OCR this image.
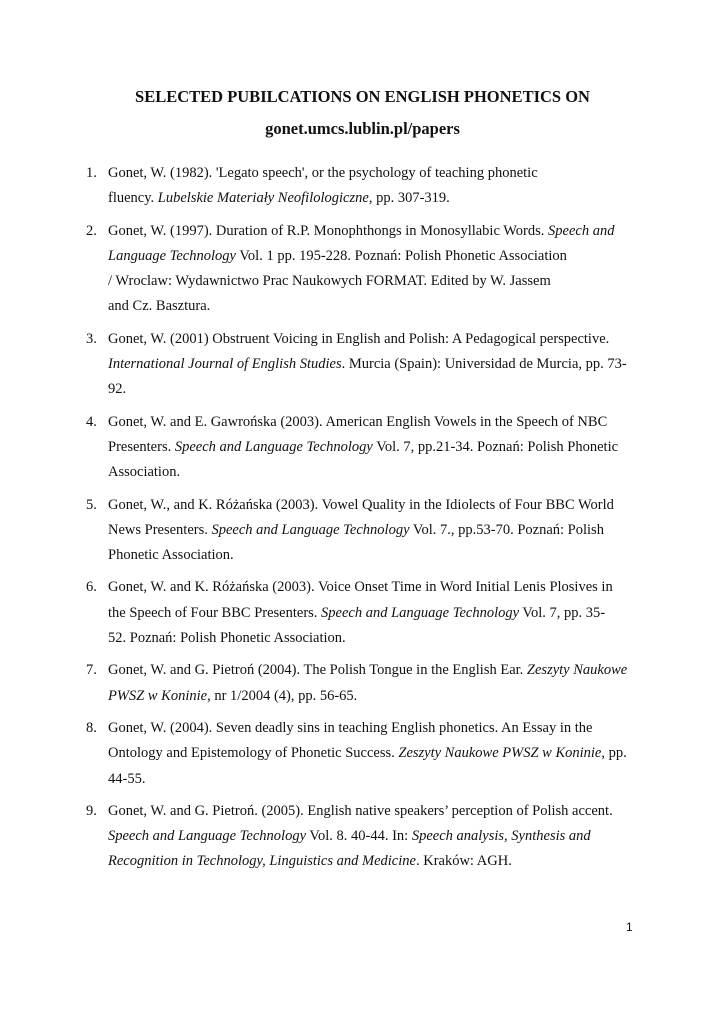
SELECTED PUBILCATIONS ON ENGLISH PHONETICS ON
gonet.umcs.lublin.pl/papers
1. Gonet, W. (1982). 'Legato speech', or the psychology of teaching phonetic
fluency. Lubelskie Materiały Neofilologiczne, pp. 307-319.
2. Gonet, W. (1997). Duration of R.P. Monophthongs in Monosyllabic Words. Speech and
Language Technology Vol. 1 pp. 195-228. Poznań: Polish Phonetic Association
/ Wroclaw: Wydawnictwo Prac Naukowych FORMAT. Edited by W. Jassem
and Cz. Basztura.
3. Gonet, W. (2001) Obstruent Voicing in English and Polish: A Pedagogical perspective.
International Journal of English Studies. Murcia (Spain): Universidad de Murcia, pp. 73-
92.
4. Gonet, W. and E. Gawrońska (2003). American English Vowels in the Speech of NBC
Presenters. Speech and Language Technology Vol. 7, pp.21-34. Poznań: Polish Phonetic
Association.
5. Gonet, W., and K. Różańska (2003). Vowel Quality in the Idiolects of Four BBC World
News Presenters. Speech and Language Technology Vol. 7., pp.53-70. Poznań: Polish
Phonetic Association.
6. Gonet, W. and K. Różańska (2003). Voice Onset Time in Word Initial Lenis Plosives in
the Speech of Four BBC Presenters. Speech and Language Technology Vol. 7, pp. 35-
52. Poznań: Polish Phonetic Association.
7. Gonet, W. and G. Pietroń (2004). The Polish Tongue in the English Ear. Zeszyty Naukowe
PWSZ w Koninie, nr 1/2004 (4), pp. 56-65.
8. Gonet, W. (2004). Seven deadly sins in teaching English phonetics. An Essay in the
Ontology and Epistemology of Phonetic Success. Zeszyty Naukowe PWSZ w Koninie, pp.
44-55.
9. Gonet, W. and G. Pietroń. (2005). English native speakers’ perception of Polish accent.
Speech and Language Technology Vol. 8. 40-44. In: Speech analysis, Synthesis and
Recognition in Technology, Linguistics and Medicine. Kraków: AGH.
1
